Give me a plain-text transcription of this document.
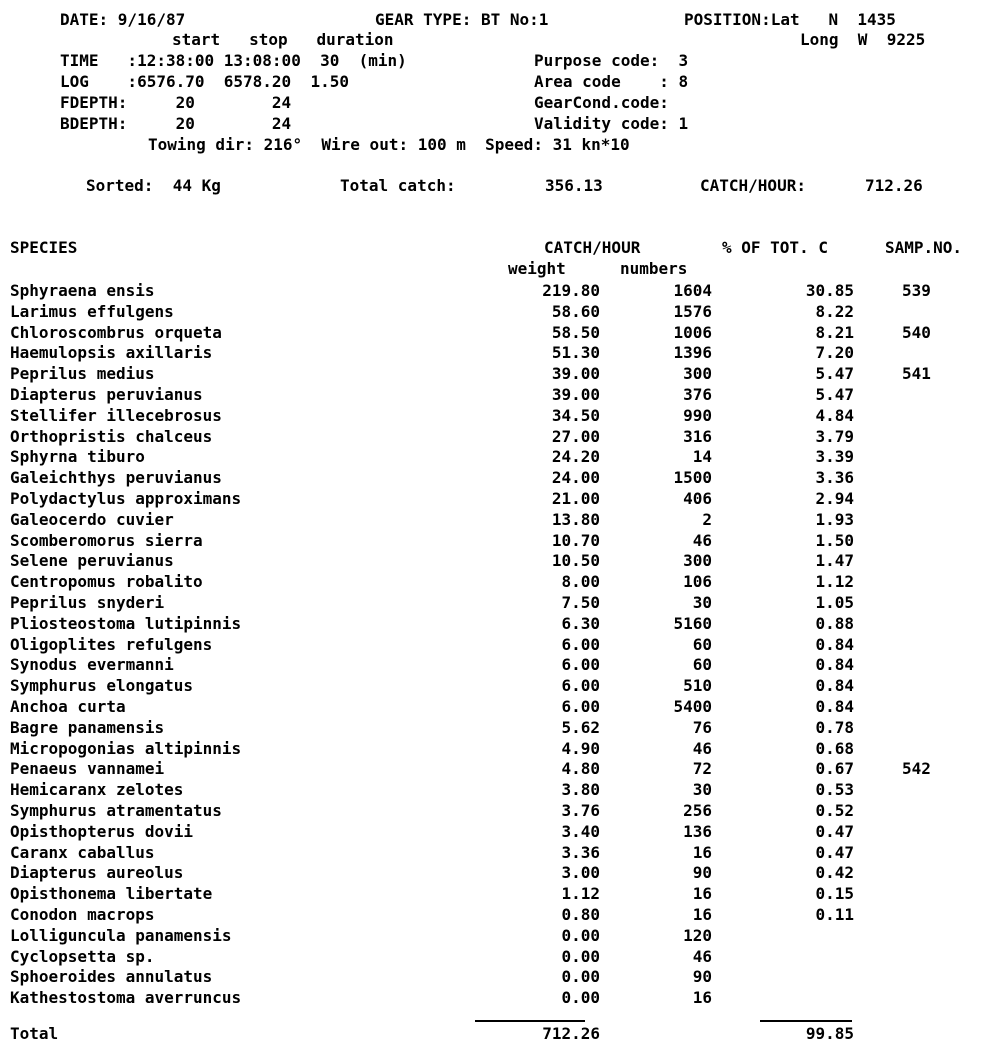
DATE: 9/16/87	GEAR TYPE: BT No:1	POSITION:Lat   N  1435
start   stop   duration	Long  W  9225
TIME   :12:38:00 13:08:00  30  (min)	Purpose code:  3
LOG    :6576.70  6578.20  1.50	Area code    : 8
FDEPTH:     20        24	GearCond.code:
BDEPTH:     20        24	Validity code: 1
Towing dir: 216°  Wire out: 100 m  Speed: 31 kn*10
Sorted:  44 Kg	Total catch:	356.13	CATCH/HOUR:	712.26
SPECIES	CATCH/HOUR	% OF TOT. C	SAMP.NO.
weight	numbers
Sphyraena ensis	219.80	1604	30.85	539
Larimus effulgens	58.60	1576	8.22
Chloroscombrus orqueta	58.50	1006	8.21	540
Haemulopsis axillaris	51.30	1396	7.20
Peprilus medius	39.00	300	5.47	541
Diapterus peruvianus	39.00	376	5.47
Stellifer illecebrosus	34.50	990	4.84
Orthopristis chalceus	27.00	316	3.79
Sphyrna tiburo	24.20	14	3.39
Galeichthys peruvianus	24.00	1500	3.36
Polydactylus approximans	21.00	406	2.94
Galeocerdo cuvier	13.80	2	1.93
Scomberomorus sierra	10.70	46	1.50
Selene peruvianus	10.50	300	1.47
Centropomus robalito	8.00	106	1.12
Peprilus snyderi	7.50	30	1.05
Pliosteostoma lutipinnis	6.30	5160	0.88
Oligoplites refulgens	6.00	60	0.84
Synodus evermanni	6.00	60	0.84
Symphurus elongatus	6.00	510	0.84
Anchoa curta	6.00	5400	0.84
Bagre panamensis	5.62	76	0.78
Micropogonias altipinnis	4.90	46	0.68
Penaeus vannamei	4.80	72	0.67	542
Hemicaranx zelotes	3.80	30	0.53
Symphurus atramentatus	3.76	256	0.52
Opisthopterus dovii	3.40	136	0.47
Caranx caballus	3.36	16	0.47
Diapterus aureolus	3.00	90	0.42
Opisthonema libertate	1.12	16	0.15
Conodon macrops	0.80	16	0.11
Lolliguncula panamensis	0.00	120
Cyclopsetta sp.	0.00	46
Sphoeroides annulatus	0.00	90
Kathestostoma averruncus	0.00	16
Total	712.26	99.85
